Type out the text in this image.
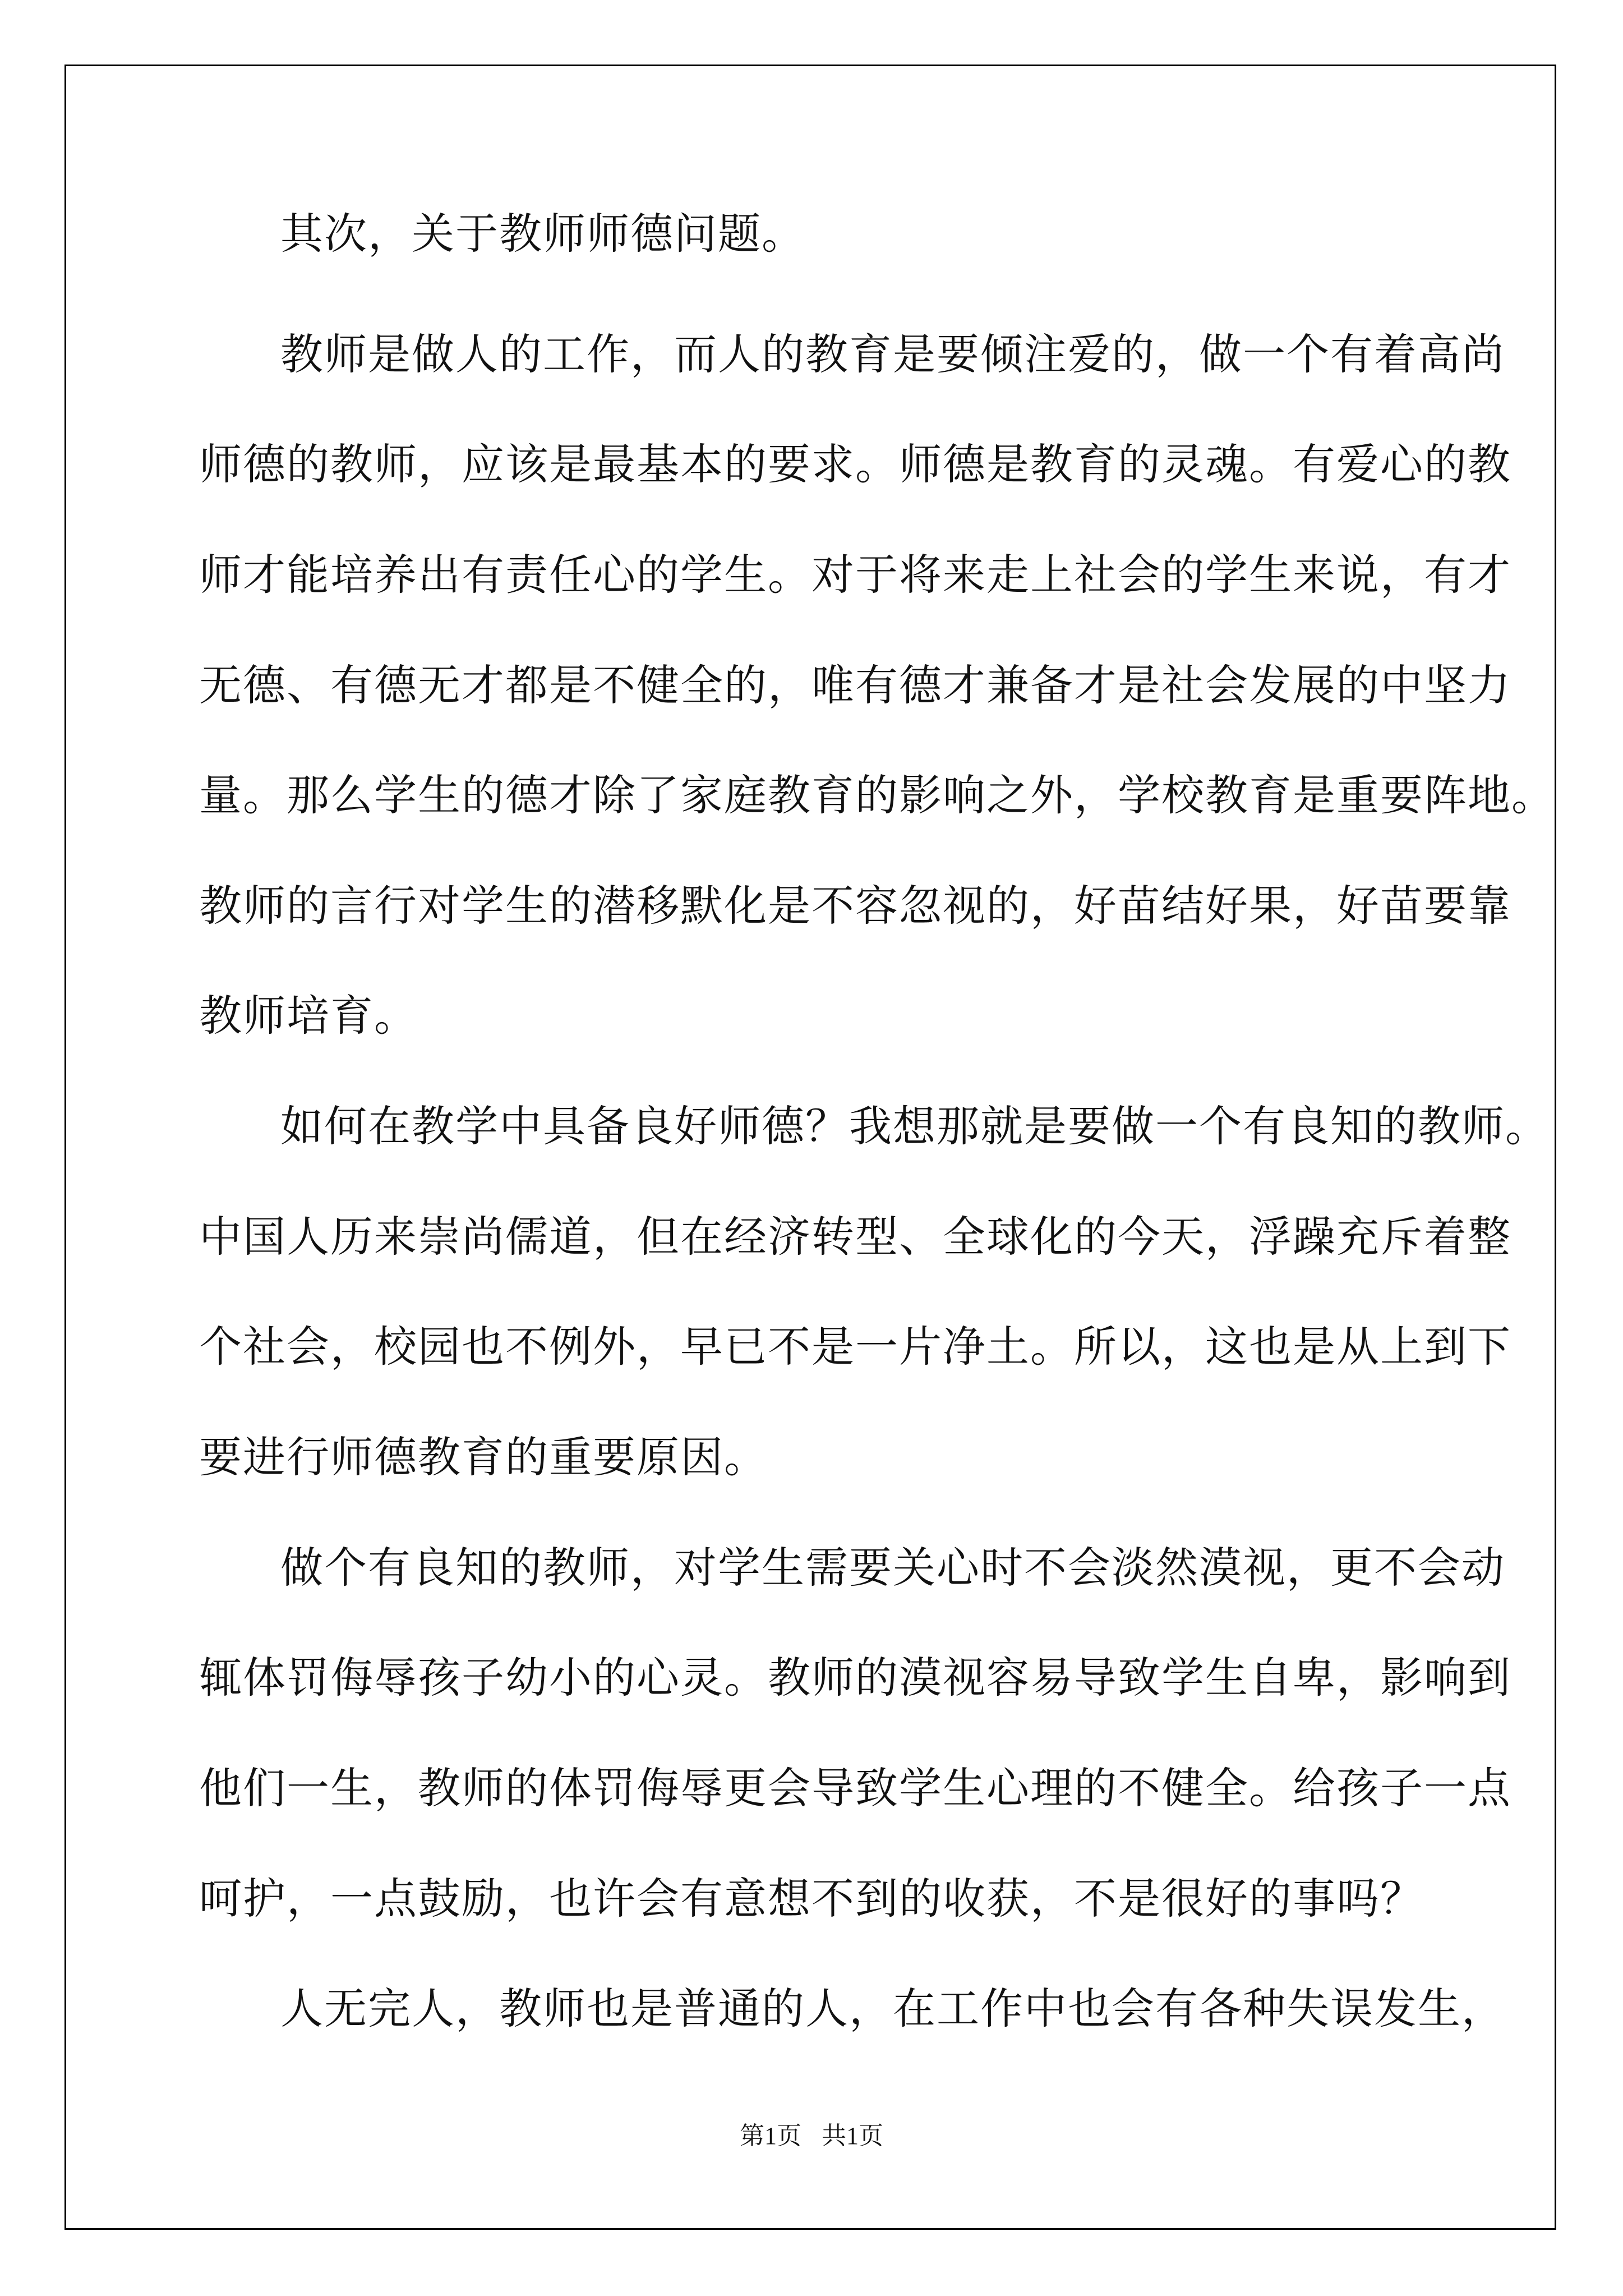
其次，关于教师师德问题。

教师是做人的工作，而人的教育是要倾注爱的，做一个有着高尚

师德的教师，应该是最基本的要求。师德是教育的灵魂。有爱心的教

师才能培养出有责任心的学生。对于将来走上社会的学生来说，有才

无德、有德无才都是不健全的，唯有德才兼备才是社会发展的中坚力

量。那么学生的德才除了家庭教育的影响之外，学校教育是重要阵地。

教师的言行对学生的潜移默化是不容忽视的，好苗结好果，好苗要靠

教师培育。

如何在教学中具备良好师德？我想那就是要做一个有良知的教师。

中国人历来崇尚儒道，但在经济转型、全球化的今天，浮躁充斥着整

个社会，校园也不例外，早已不是一片净土。所以，这也是从上到下

要进行师德教育的重要原因。

做个有良知的教师，对学生需要关心时不会淡然漠视，更不会动

辄体罚侮辱孩子幼小的心灵。教师的漠视容易导致学生自卑，影响到

他们一生，教师的体罚侮辱更会导致学生心理的不健全。给孩子一点

呵护，一点鼓励，也许会有意想不到的收获，不是很好的事吗？

人无完人，教师也是普通的人，在工作中也会有各种失误发生，

第1页 共1页
